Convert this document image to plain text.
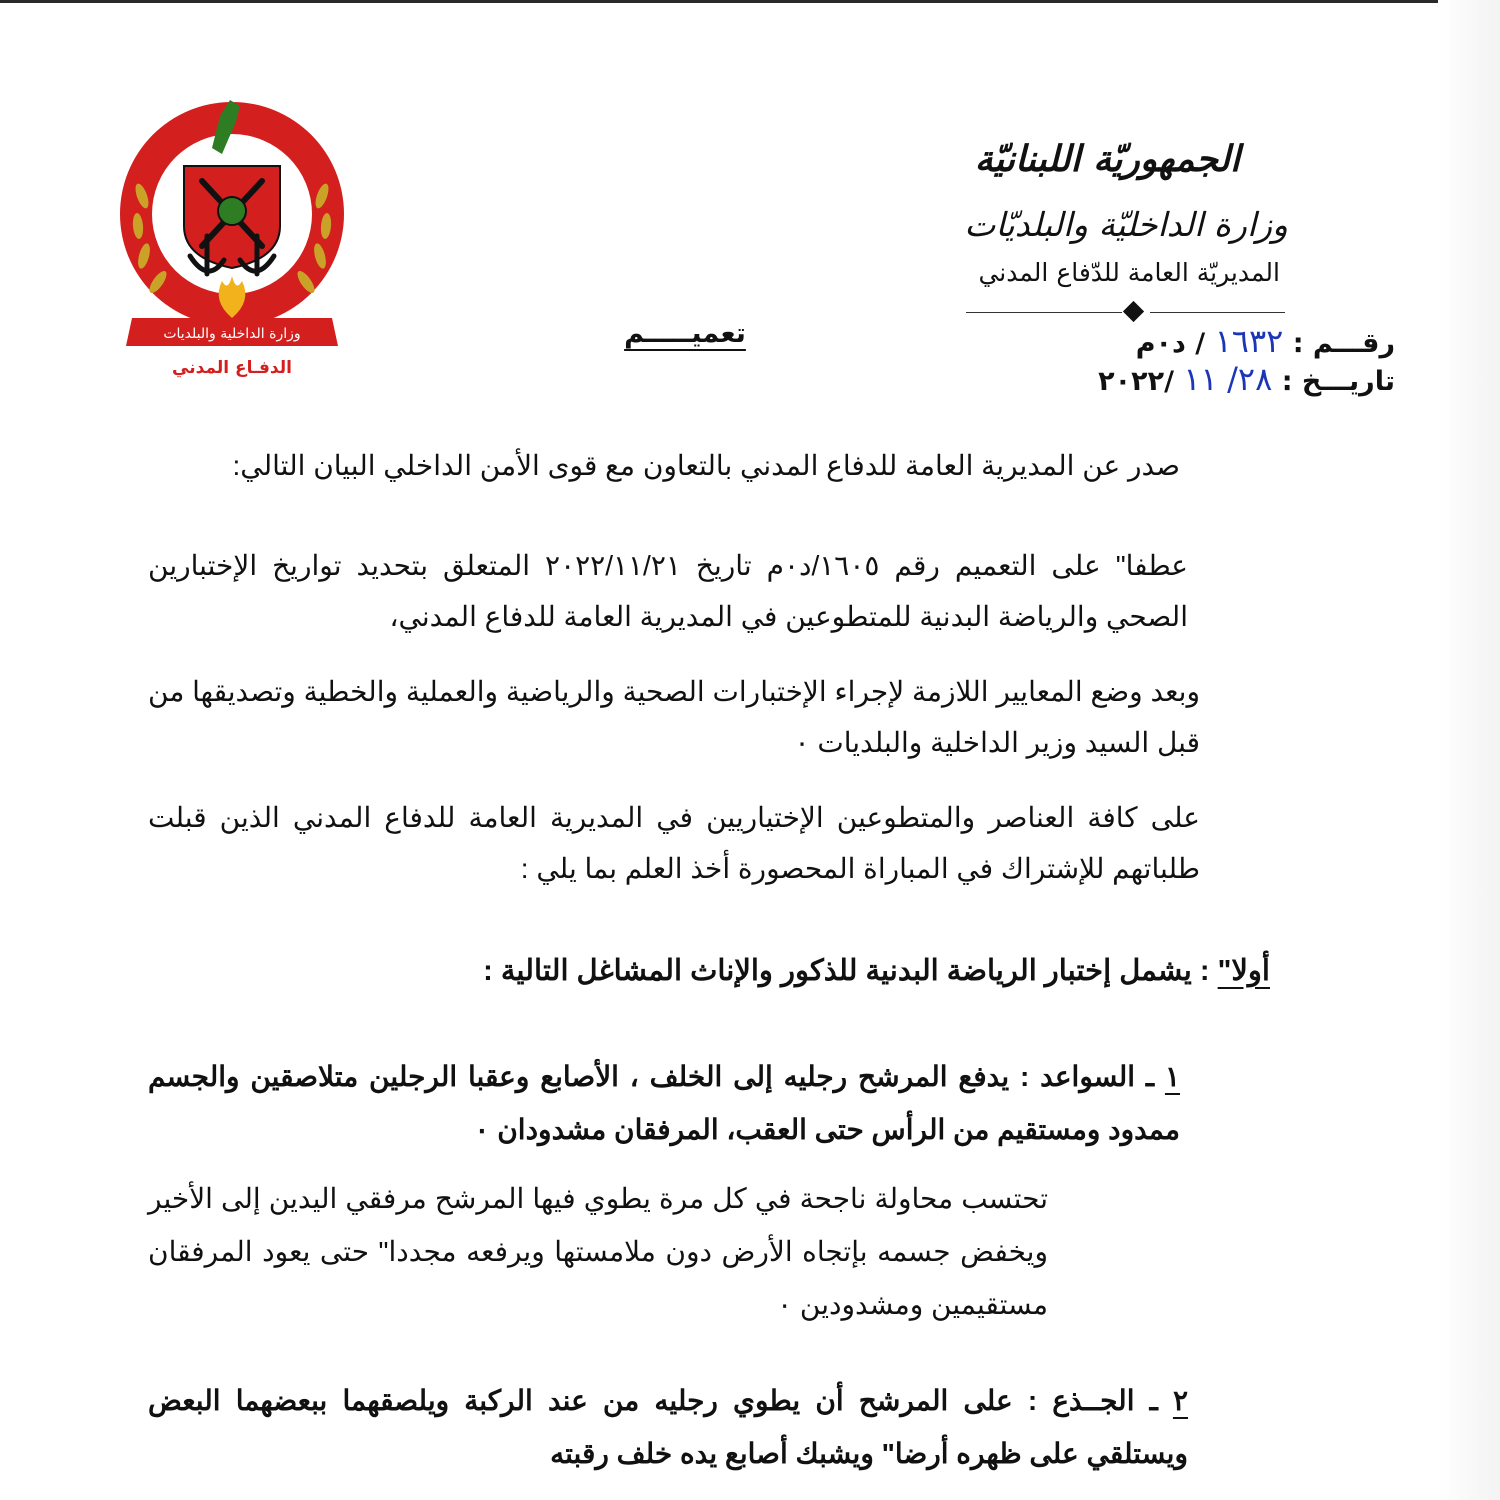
وزارة الداخلية والبلديات
الدفـاع المدني
الجمهوريّة اللبنانيّة
وزارة الداخليّة والبلديّات
المديريّة العامة للدّفاع المدني
رقـــم : ١٦٣٢ / د٠م
تاريـــخ : ٢٨/ ١١ /٢٠٢٢
تعميـــــم
صدر عن المديرية العامة للدفاع المدني بالتعاون مع قوى الأمن الداخلي البيان التالي:
عطفا" على التعميم رقم ١٦٠٥/د٠م تاريخ ٢٠٢٢/١١/٢١ المتعلق بتحديد تواريخ الإختبارين الصحي والرياضة البدنية للمتطوعين في المديرية العامة للدفاع المدني،
وبعد وضع المعايير اللازمة لإجراء الإختبارات الصحية والرياضية والعملية والخطية وتصديقها من قبل السيد وزير الداخلية والبلديات ٠
على كافة العناصر والمتطوعين الإختياريين في المديرية العامة للدفاع المدني الذين قبلت طلباتهم للإشتراك في المباراة المحصورة أخذ العلم بما يلي :
أولا" : يشمل إختبار الرياضة البدنية للذكور والإناث المشاغل التالية :
١ ـ السواعد : يدفع المرشح رجليه إلى الخلف ، الأصابع وعقبا الرجلين متلاصقين والجسم ممدود ومستقيم من الرأس حتى العقب، المرفقان مشدودان ٠
تحتسب محاولة ناجحة في كل مرة يطوي فيها المرشح مرفقي اليدين إلى الأخير ويخفض جسمه بإتجاه الأرض دون ملامستها ويرفعه مجددا" حتى يعود المرفقان مستقيمين ومشدودين ٠
٢ ـ الجــذع : على المرشح أن يطوي رجليه من عند الركبة ويلصقهما ببعضهما البعض ويستلقي على ظهره أرضا" ويشبك أصابع يده خلف رقبته
